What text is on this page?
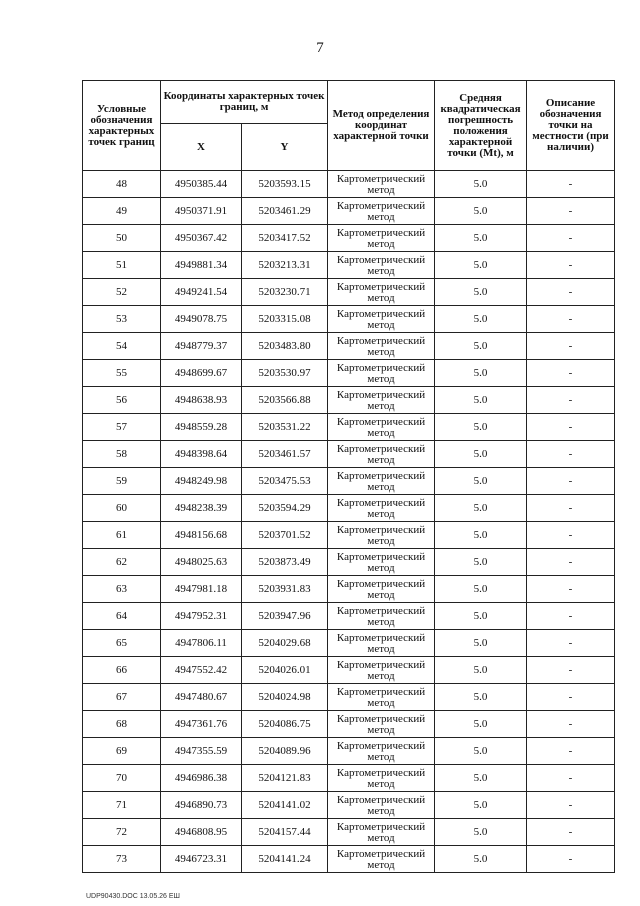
7
Условные обозначения характерных точек границ	Координаты характерных точек границ, м		Метод определения координат характерной точки	Средняя квадратическая погрешность положения характерной точки (Mt), м	Описание обозначения точки на местности (при наличии)
	X	Y			
48	4950385.44	5203593.15	Картометрический метод	5.0	-
49	4950371.91	5203461.29	Картометрический метод	5.0	-
50	4950367.42	5203417.52	Картометрический метод	5.0	-
51	4949881.34	5203213.31	Картометрический метод	5.0	-
52	4949241.54	5203230.71	Картометрический метод	5.0	-
53	4949078.75	5203315.08	Картометрический метод	5.0	-
54	4948779.37	5203483.80	Картометрический метод	5.0	-
55	4948699.67	5203530.97	Картометрический метод	5.0	-
56	4948638.93	5203566.88	Картометрический метод	5.0	-
57	4948559.28	5203531.22	Картометрический метод	5.0	-
58	4948398.64	5203461.57	Картометрический метод	5.0	-
59	4948249.98	5203475.53	Картометрический метод	5.0	-
60	4948238.39	5203594.29	Картометрический метод	5.0	-
61	4948156.68	5203701.52	Картометрический метод	5.0	-
62	4948025.63	5203873.49	Картометрический метод	5.0	-
63	4947981.18	5203931.83	Картометрический метод	5.0	-
64	4947952.31	5203947.96	Картометрический метод	5.0	-
65	4947806.11	5204029.68	Картометрический метод	5.0	-
66	4947552.42	5204026.01	Картометрический метод	5.0	-
67	4947480.67	5204024.98	Картометрический метод	5.0	-
68	4947361.76	5204086.75	Картометрический метод	5.0	-
69	4947355.59	5204089.96	Картометрический метод	5.0	-
70	4946986.38	5204121.83	Картометрический метод	5.0	-
71	4946890.73	5204141.02	Картометрический метод	5.0	-
72	4946808.95	5204157.44	Картометрический метод	5.0	-
73	4946723.31	5204141.24	Картометрический метод	5.0	-
UDP90430.DOC 13.05.26 ЕШ
